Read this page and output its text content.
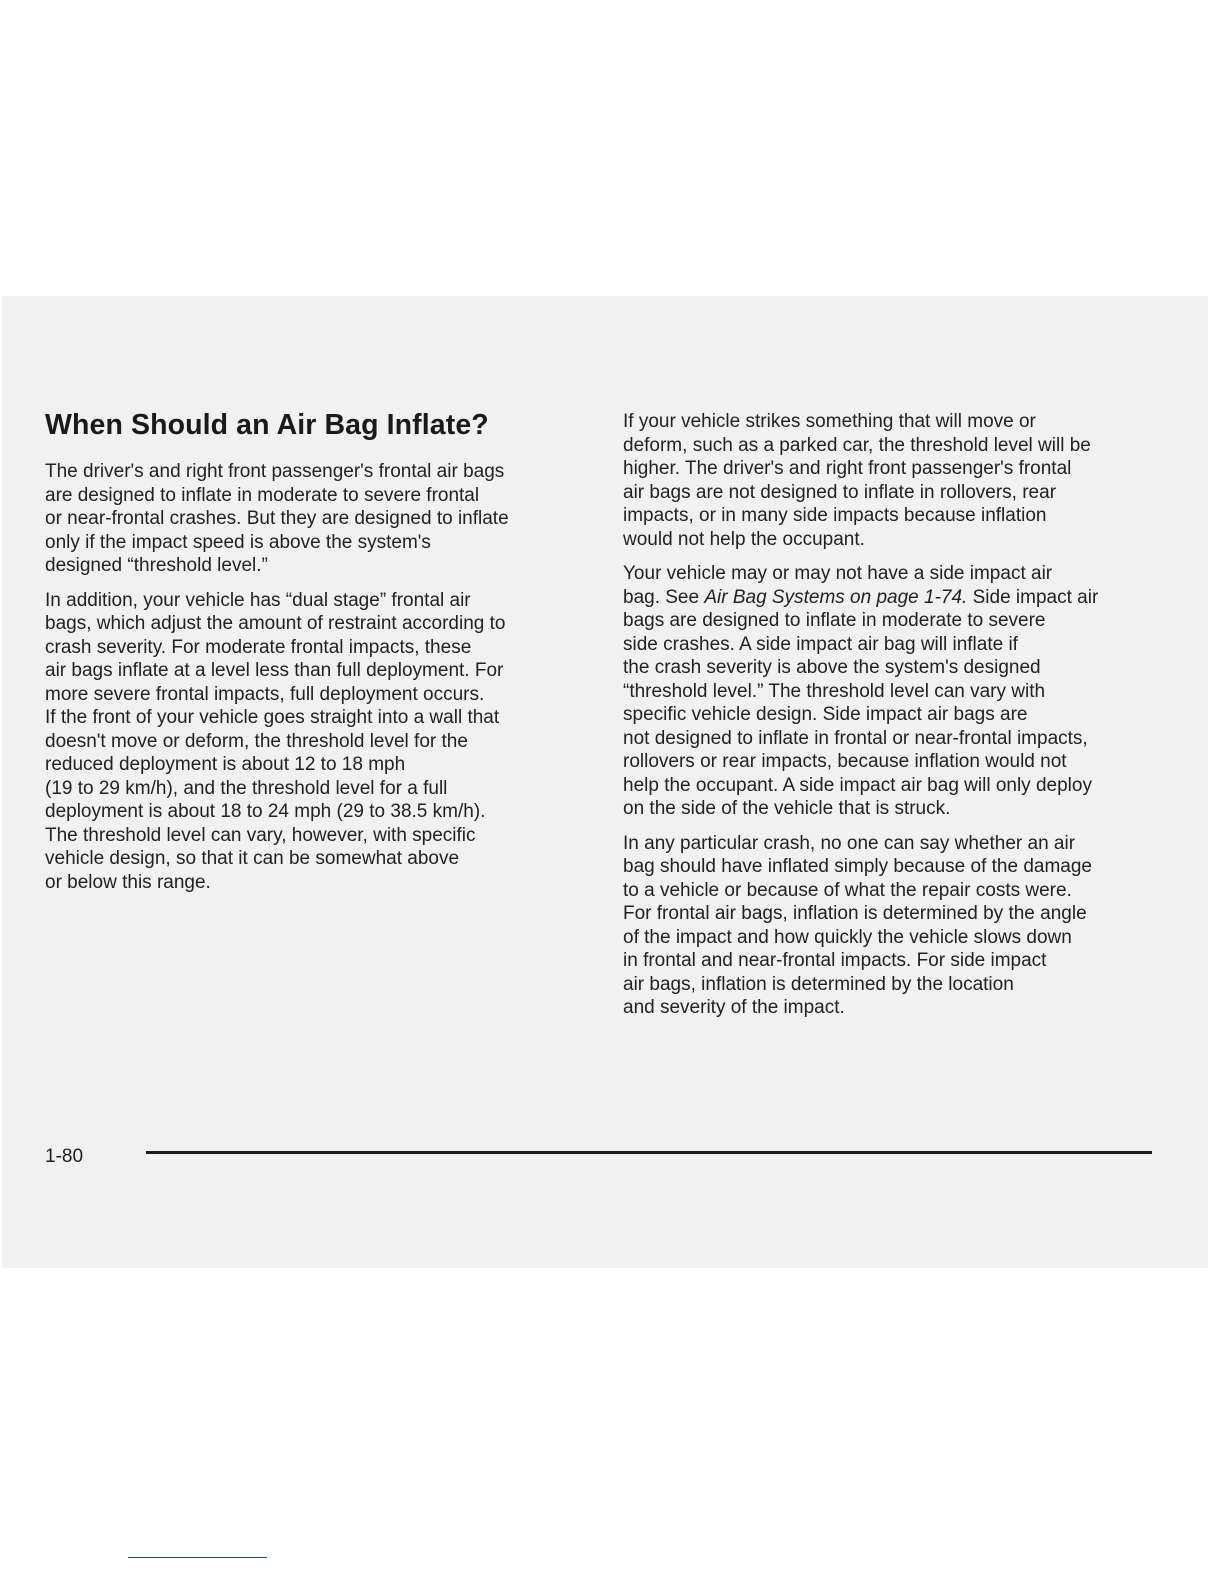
When Should an Air Bag Inflate?

The driver's and right front passenger's frontal air bags
are designed to inflate in moderate to severe frontal
or near-frontal crashes. But they are designed to inflate
only if the impact speed is above the system's
designed “threshold level.”

In addition, your vehicle has “dual stage” frontal air
bags, which adjust the amount of restraint according to
crash severity. For moderate frontal impacts, these
air bags inflate at a level less than full deployment. For
more severe frontal impacts, full deployment occurs.
If the front of your vehicle goes straight into a wall that
doesn't move or deform, the threshold level for the
reduced deployment is about 12 to 18 mph
(19 to 29 km/h), and the threshold level for a full
deployment is about 18 to 24 mph (29 to 38.5 km/h).
The threshold level can vary, however, with specific
vehicle design, so that it can be somewhat above
or below this range.

If your vehicle strikes something that will move or
deform, such as a parked car, the threshold level will be
higher. The driver's and right front passenger's frontal
air bags are not designed to inflate in rollovers, rear
impacts, or in many side impacts because inflation
would not help the occupant.

Your vehicle may or may not have a side impact air
bag. See Air Bag Systems on page 1-74. Side impact air
bags are designed to inflate in moderate to severe
side crashes. A side impact air bag will inflate if
the crash severity is above the system's designed
“threshold level.” The threshold level can vary with
specific vehicle design. Side impact air bags are
not designed to inflate in frontal or near-frontal impacts,
rollovers or rear impacts, because inflation would not
help the occupant. A side impact air bag will only deploy
on the side of the vehicle that is struck.

In any particular crash, no one can say whether an air
bag should have inflated simply because of the damage
to a vehicle or because of what the repair costs were.
For frontal air bags, inflation is determined by the angle
of the impact and how quickly the vehicle slows down
in frontal and near-frontal impacts. For side impact
air bags, inflation is determined by the location
and severity of the impact.

1-80
